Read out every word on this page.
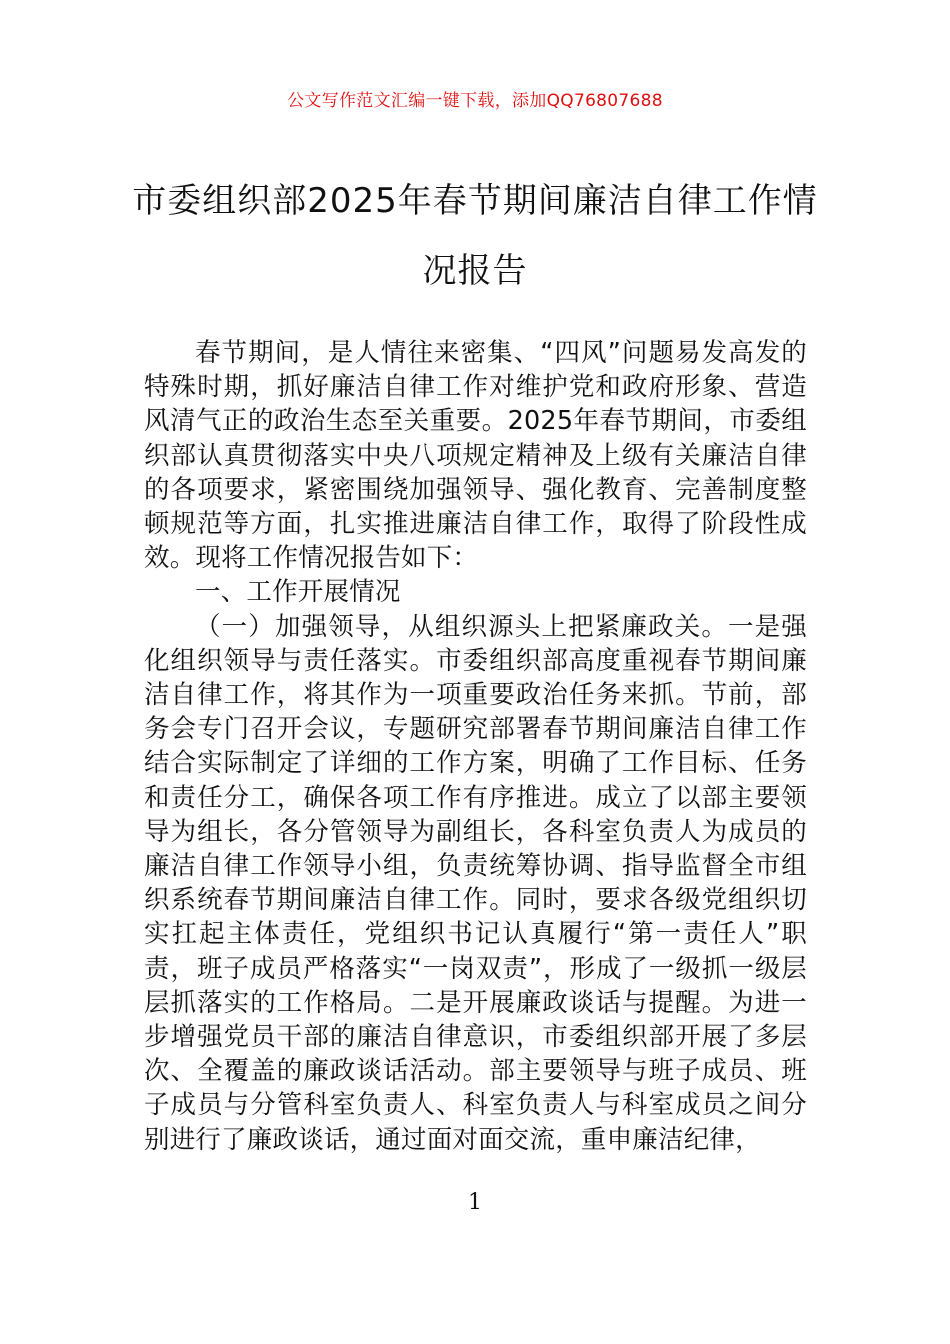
公文写作范文汇编一键下载，添加QQ76807688
市委组织部2025年春节期间廉洁自律工作情况报告

春节期间，是人情往来密集、“四风”问题易发高发的特殊时期，抓好廉洁自律工作对维护党和政府形象、营造风清气正的政治生态至关重要。2025年春节期间，市委组织部认真贯彻落实中央八项规定精神及上级有关廉洁自律的各项要求，紧密围绕加强领导、强化教育、完善制度整顿规范等方面，扎实推进廉洁自律工作，取得了阶段性成效。现将工作情况报告如下：

一、工作开展情况

（一）加强领导，从组织源头上把紧廉政关。一是强化组织领导与责任落实。市委组织部高度重视春节期间廉洁自律工作，将其作为一项重要政治任务来抓。节前，部务会专门召开会议，专题研究部署春节期间廉洁自律工作结合实际制定了详细的工作方案，明确了工作目标、任务和责任分工，确保各项工作有序推进。成立了以部主要领导为组长，各分管领导为副组长，各科室负责人为成员的廉洁自律工作领导小组，负责统筹协调、指导监督全市组织系统春节期间廉洁自律工作。同时，要求各级党组织切实扛起主体责任，党组织书记认真履行“第一责任人”职责，班子成员严格落实“一岗双责”，形成了一级抓一级层层抓落实的工作格局。二是开展廉政谈话与提醒。为进一步增强党员干部的廉洁自律意识，市委组织部开展了多层次、全覆盖的廉政谈话活动。部主要领导与班子成员、班子成员与分管科室负责人、科室负责人与科室成员之间分别进行了廉政谈话，通过面对面交流，重申廉洁纪律，

1
